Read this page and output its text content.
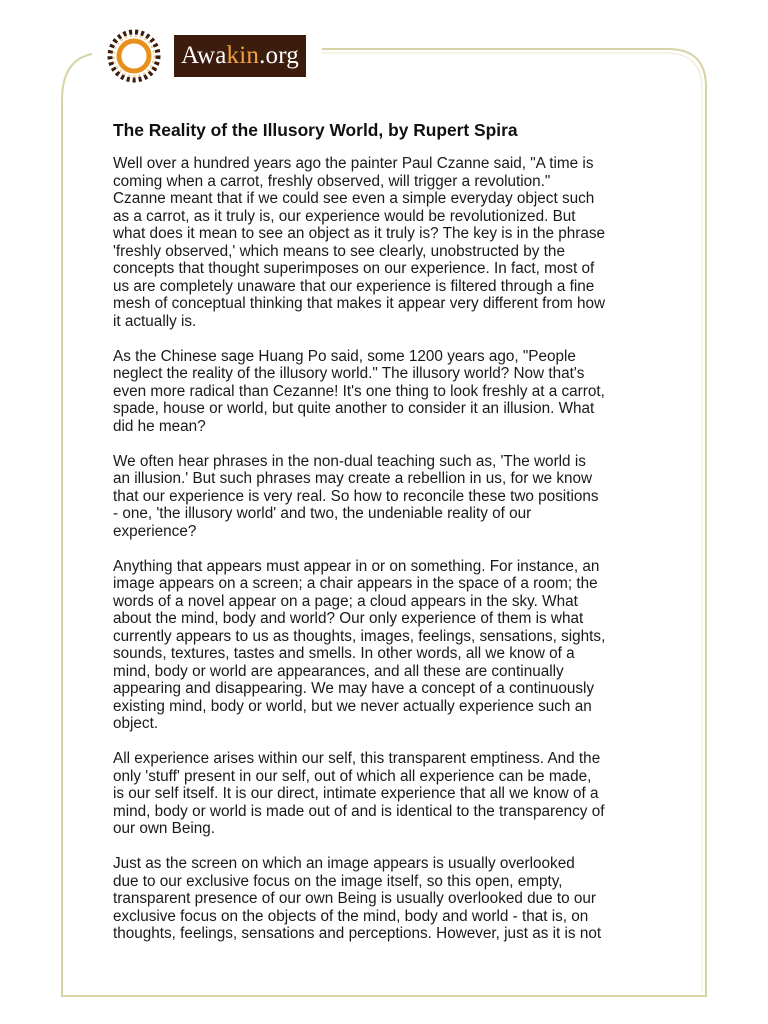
Awa kin .org
The Reality of the Illusory World, by Rupert Spira

Well over a hundred years ago the painter Paul Czanne said, "A time is
coming when a carrot, freshly observed, will trigger a revolution."
Czanne meant that if we could see even a simple everyday object such
as a carrot, as it truly is, our experience would be revolutionized. But
what does it mean to see an object as it truly is? The key is in the phrase
'freshly observed,' which means to see clearly, unobstructed by the
concepts that thought superimposes on our experience. In fact, most of
us are completely unaware that our experience is filtered through a fine
mesh of conceptual thinking that makes it appear very different from how
it actually is.

As the Chinese sage Huang Po said, some 1200 years ago, "People
neglect the reality of the illusory world." The illusory world? Now that's
even more radical than Cezanne! It's one thing to look freshly at a carrot,
spade, house or world, but quite another to consider it an illusion. What
did he mean?

We often hear phrases in the non-dual teaching such as, 'The world is
an illusion.' But such phrases may create a rebellion in us, for we know
that our experience is very real. So how to reconcile these two positions
- one, 'the illusory world' and two, the undeniable reality of our
experience?

Anything that appears must appear in or on something. For instance, an
image appears on a screen; a chair appears in the space of a room; the
words of a novel appear on a page; a cloud appears in the sky. What
about the mind, body and world? Our only experience of them is what
currently appears to us as thoughts, images, feelings, sensations, sights,
sounds, textures, tastes and smells. In other words, all we know of a
mind, body or world are appearances, and all these are continually
appearing and disappearing. We may have a concept of a continuously
existing mind, body or world, but we never actually experience such an
object.

All experience arises within our self, this transparent emptiness. And the
only 'stuff' present in our self, out of which all experience can be made,
is our self itself. It is our direct, intimate experience that all we know of a
mind, body or world is made out of and is identical to the transparency of
our own Being.

Just as the screen on which an image appears is usually overlooked
due to our exclusive focus on the image itself, so this open, empty,
transparent presence of our own Being is usually overlooked due to our
exclusive focus on the objects of the mind, body and world - that is, on
thoughts, feelings, sensations and perceptions. However, just as it is not
